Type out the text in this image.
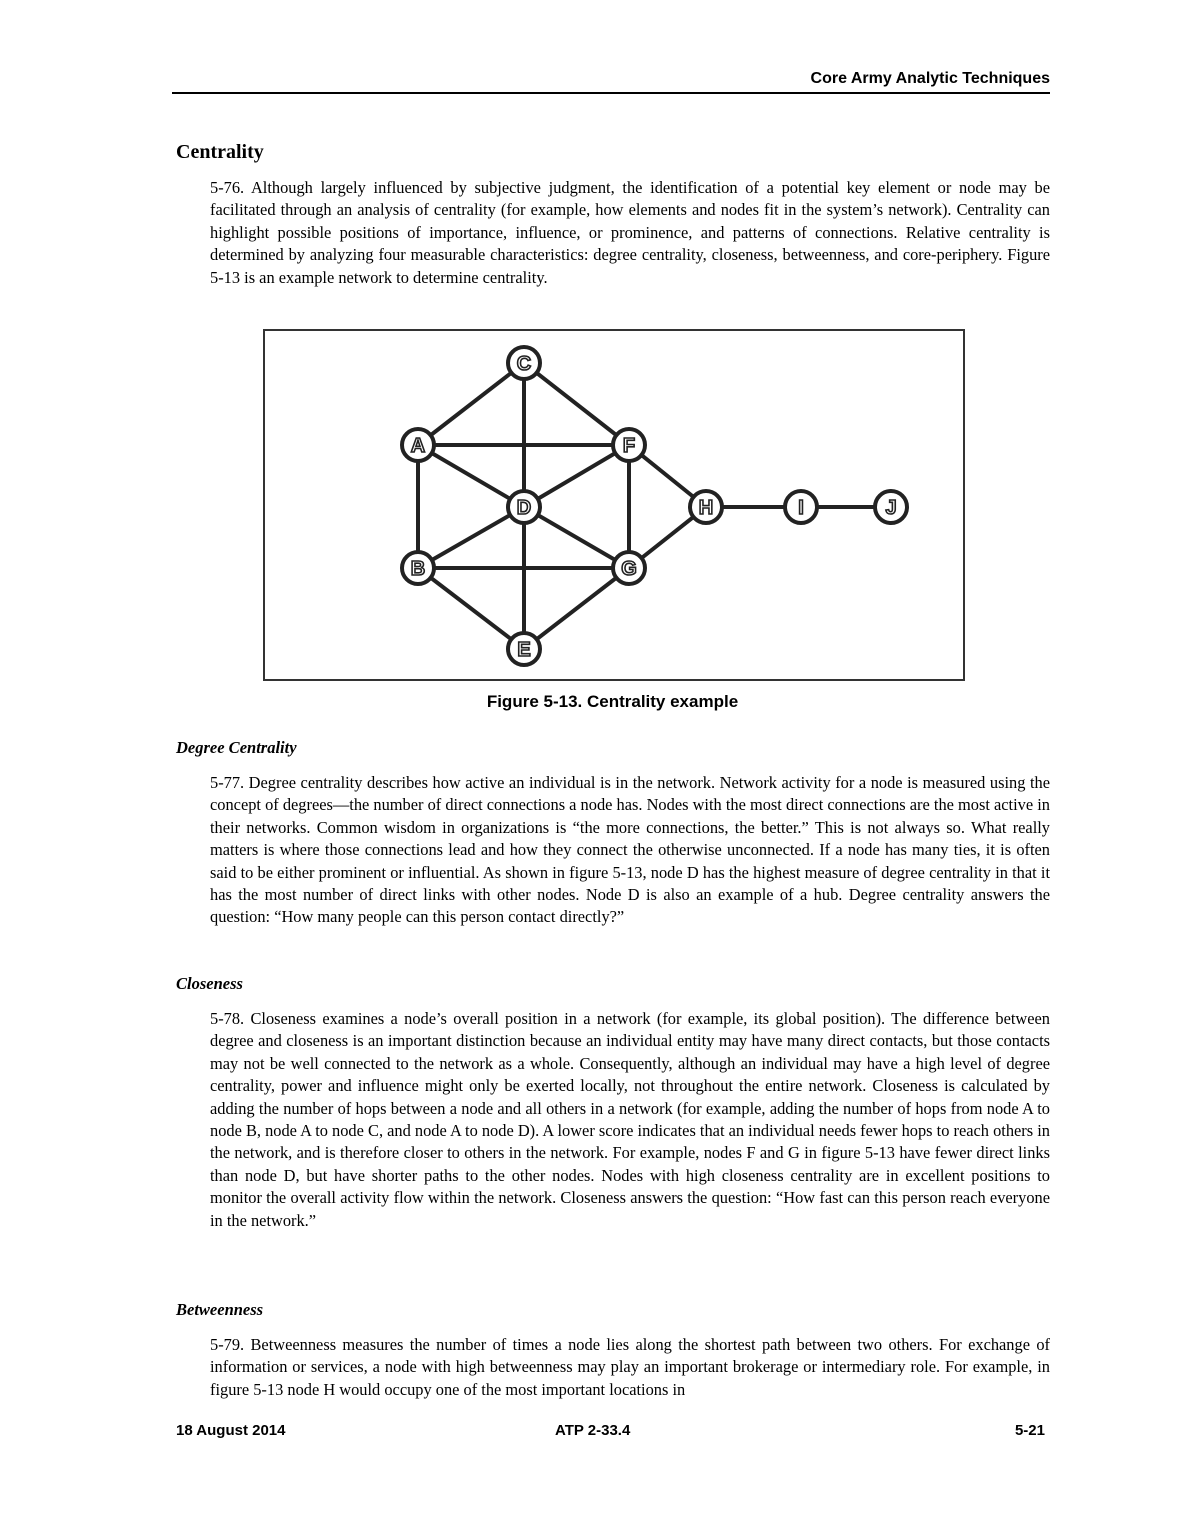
Core Army Analytic Techniques
Centrality

5-76. Although largely influenced by subjective judgment, the identification of a potential key element or node may be facilitated through an analysis of centrality (for example, how elements and nodes fit in the system’s network). Centrality can highlight possible positions of importance, influence, or prominence, and patterns of connections. Relative centrality is determined by analyzing four measurable characteristics: degree centrality, closeness, betweenness, and core-periphery. Figure 5-13 is an example network to determine centrality.

A
B
C
D
E
F
G
H	I	J
Figure 5-13. Centrality example
Degree Centrality

5-77. Degree centrality describes how active an individual is in the network. Network activity for a node is measured using the concept of degrees—the number of direct connections a node has. Nodes with the most direct connections are the most active in their networks. Common wisdom in organizations is “the more connections, the better.” This is not always so. What really matters is where those connections lead and how they connect the otherwise unconnected. If a node has many ties, it is often said to be either prominent or influential. As shown in figure 5-13, node D has the highest measure of degree centrality in that it has the most number of direct links with other nodes. Node D is also an example of a hub. Degree centrality answers the question: “How many people can this person contact directly?”

Closeness

5-78. Closeness examines a node’s overall position in a network (for example, its global position). The difference between degree and closeness is an important distinction because an individual entity may have many direct contacts, but those contacts may not be well connected to the network as a whole. Consequently, although an individual may have a high level of degree centrality, power and influence might only be exerted locally, not throughout the entire network. Closeness is calculated by adding the number of hops between a node and all others in a network (for example, adding the number of hops from node A to node B, node A to node C, and node A to node D). A lower score indicates that an individual needs fewer hops to reach others in the network, and is therefore closer to others in the network. For example, nodes F and G in figure 5-13 have fewer direct links than node D, but have shorter paths to the other nodes. Nodes with high closeness centrality are in excellent positions to monitor the overall activity flow within the network. Closeness answers the question: “How fast can this person reach everyone in the network.”

Betweenness

5-79. Betweenness measures the number of times a node lies along the shortest path between two others. For exchange of information or services, a node with high betweenness may play an important brokerage or intermediary role. For example, in figure 5-13 node H would occupy one of the most important locations in

18 August 2014	ATP 2-33.4	5-21
